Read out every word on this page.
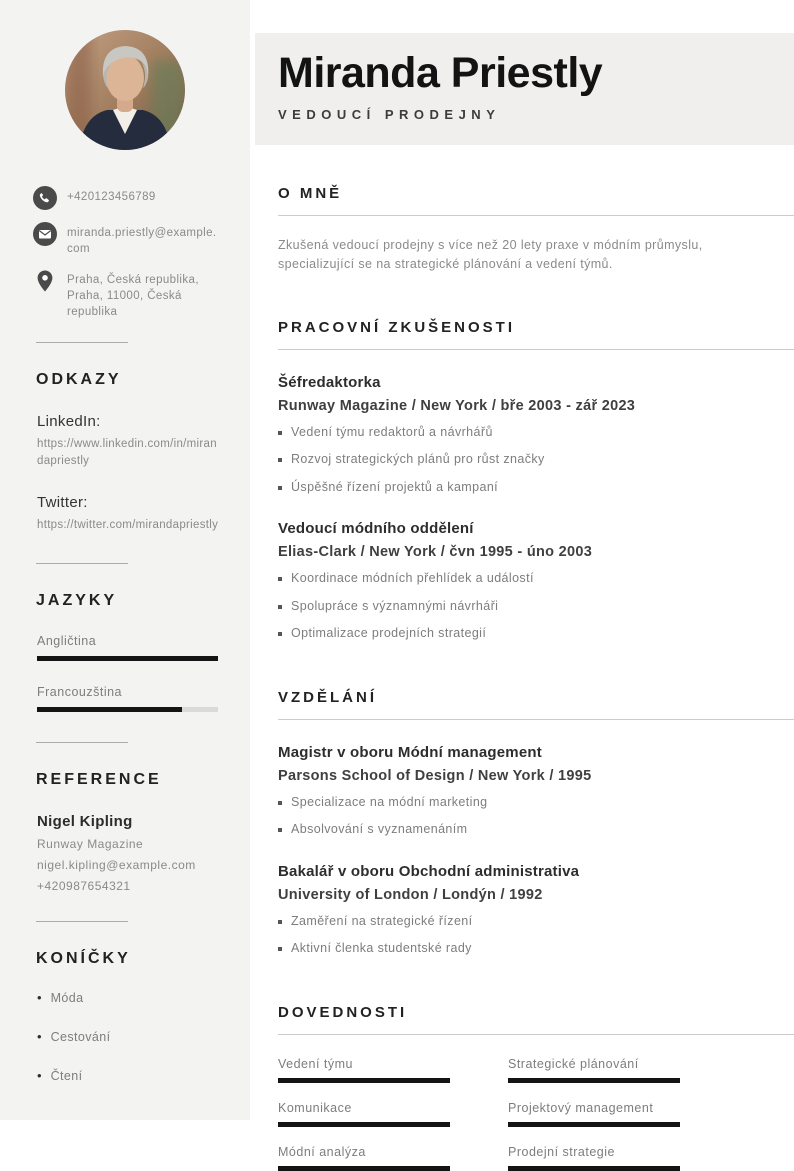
+420123456789
miranda.priestly@example.com
Praha, Česká republika, Praha, 11000, Česká republika
ODKAZY
LinkedIn:
https://www.linkedin.com/in/mirandapriestly
Twitter:
https://twitter.com/mirandapriestly
JAZYKY
Angličtina
Francouzština
REFERENCE
Nigel Kipling
Runway Magazine
nigel.kipling@example.com
+420987654321
KONÍČKY
• Móda
• Cestování
• Čtení
Miranda Priestly
VEDOUCÍ PRODEJNY
O MNĚ

Zkušená vedoucí prodejny s více než 20 lety praxe v módním průmyslu, specializující se na strategické plánování a vedení týmů.

PRACOVNÍ ZKUŠENOSTI
Šéfredaktorka
Runway Magazine / New York / bře 2003 - zář 2023
Vedení týmu redaktorů a návrhářů
Rozvoj strategických plánů pro růst značky
Úspěšné řízení projektů a kampaní
Vedoucí módního oddělení
Elias-Clark / New York / čvn 1995 - úno 2003
Koordinace módních přehlídek a událostí
Spolupráce s významnými návrháři
Optimalizace prodejních strategií
VZDĚLÁNÍ
Magistr v oboru Módní management
Parsons School of Design / New York / 1995
Specializace na módní marketing
Absolvování s vyznamenáním
Bakalář v oboru Obchodní administrativa
University of London / Londýn / 1992
Zaměření na strategické řízení
Aktivní členka studentské rady
DOVEDNOSTI
Vedení týmu	Strategické plánování
Komunikace	Projektový management
Módní analýza	Prodejní strategie
